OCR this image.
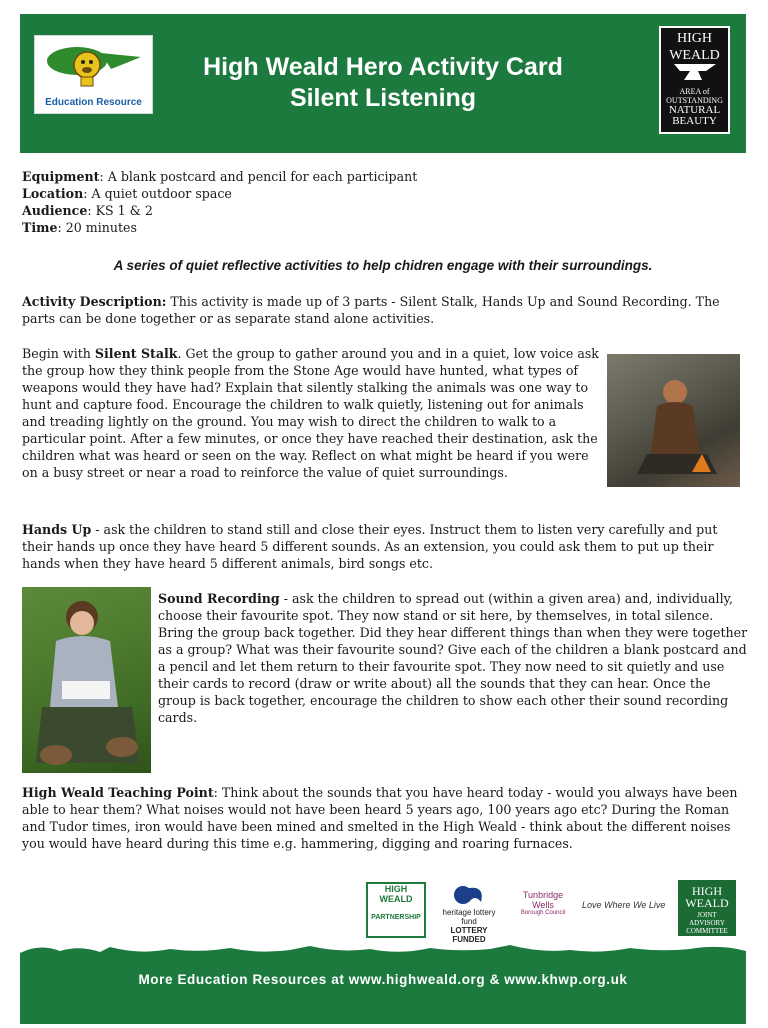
Education Resource
High Weald Hero Activity Card
Silent Listening
HIGH
WEALD
AREA of
OUTSTANDING
NATURAL
BEAUTY
Equipment: A blank postcard and pencil for each participant
Location: A quiet outdoor space
Audience: KS 1 & 2
Time: 20 minutes
A series of quiet reflective activities to help chidren engage with their surroundings.
Activity Description: This activity is made up of 3 parts - Silent Stalk, Hands Up and Sound Recording. The parts can be done together or as separate stand alone activities.
Begin with Silent Stalk. Get the group to gather around you and in a quiet, low voice ask the group how they think people from the Stone Age would have hunted, what types of weapons would they have had? Explain that silently stalking the animals was one way to hunt and capture food. Encourage the children to walk quietly, listening out for animals and treading lightly on the ground. You may wish to direct the children to walk to a particular point. After a few minutes, or once they have reached their destination, ask the children what was heard or seen on the way. Reflect on what might be heard if you were on a busy street or near a road to reinforce the value of quiet surroundings.
Hands Up - ask the children to stand still and close their eyes. Instruct them to listen very carefully and put their hands up once they have heard 5 different sounds. As an extension, you could ask them to put up their hands when they have heard 5 different animals, bird songs etc.
Sound Recording - ask the children to spread out (within a given area) and, individually, choose their favourite spot. They now stand or sit here, by themselves, in total silence. Bring the group back together. Did they hear different things than when they were together as a group? What was their favourite sound? Give each of the children a blank postcard and a pencil and let them return to their favourite spot. They now need to sit quietly and use their cards to record (draw or write about) all the sounds that they can hear. Once the group is back together, encourage the children to show each other their sound recording cards.
High Weald Teaching Point: Think about the sounds that you have heard today - would you always have been able to hear them? What noises would not have been heard 5 years ago, 100 years ago etc? During the Roman and Tudor times, iron would have been mined and smelted in the High Weald - think about the different noises you would have heard during this time e.g. hammering, digging and roaring furnaces.
HIGH
WEALD
PARTNERSHIP
heritage lottery fund
LOTTERY FUNDED
Tunbridge
Wells
Borough Council
Love Where We Live
HIGH
WEALD
JOINT
ADVISORY
COMMITTEE
More Education Resources at www.highweald.org & www.khwp.org.uk
